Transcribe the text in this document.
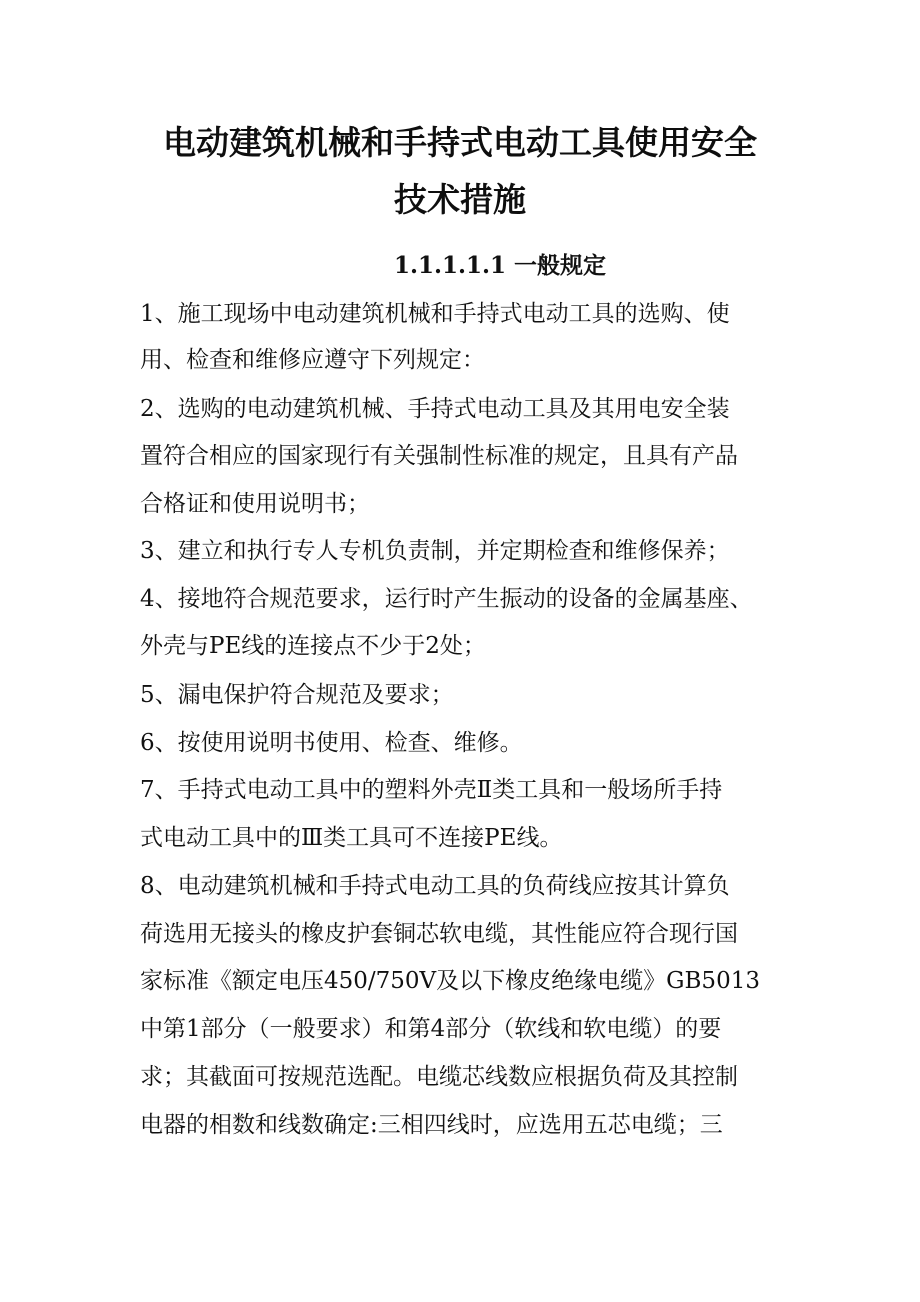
电动建筑机械和手持式电动工具使用安全
技术措施
1.1.1.1.1 一般规定

1、施工现场中电动建筑机械和手持式电动工具的选购、使

用、检查和维修应遵守下列规定：

2、选购的电动建筑机械、手持式电动工具及其用电安全装

置符合相应的国家现行有关强制性标准的规定，且具有产品

合格证和使用说明书；

3、建立和执行专人专机负责制，并定期检查和维修保养；

4、接地符合规范要求，运行时产生振动的设备的金属基座、

外壳与PE线的连接点不少于2处；

5、漏电保护符合规范及要求；

6、按使用说明书使用、检查、维修。

7、手持式电动工具中的塑料外壳Ⅱ类工具和一般场所手持

式电动工具中的Ⅲ类工具可不连接PE线。

8、电动建筑机械和手持式电动工具的负荷线应按其计算负

荷选用无接头的橡皮护套铜芯软电缆，其性能应符合现行国

家标准《额定电压450/750V及以下橡皮绝缘电缆》GB5013

中第1部分（一般要求）和第4部分（软线和软电缆）的要

求；其截面可按规范选配。电缆芯线数应根据负荷及其控制

电器的相数和线数确定:三相四线时，应选用五芯电缆；三
